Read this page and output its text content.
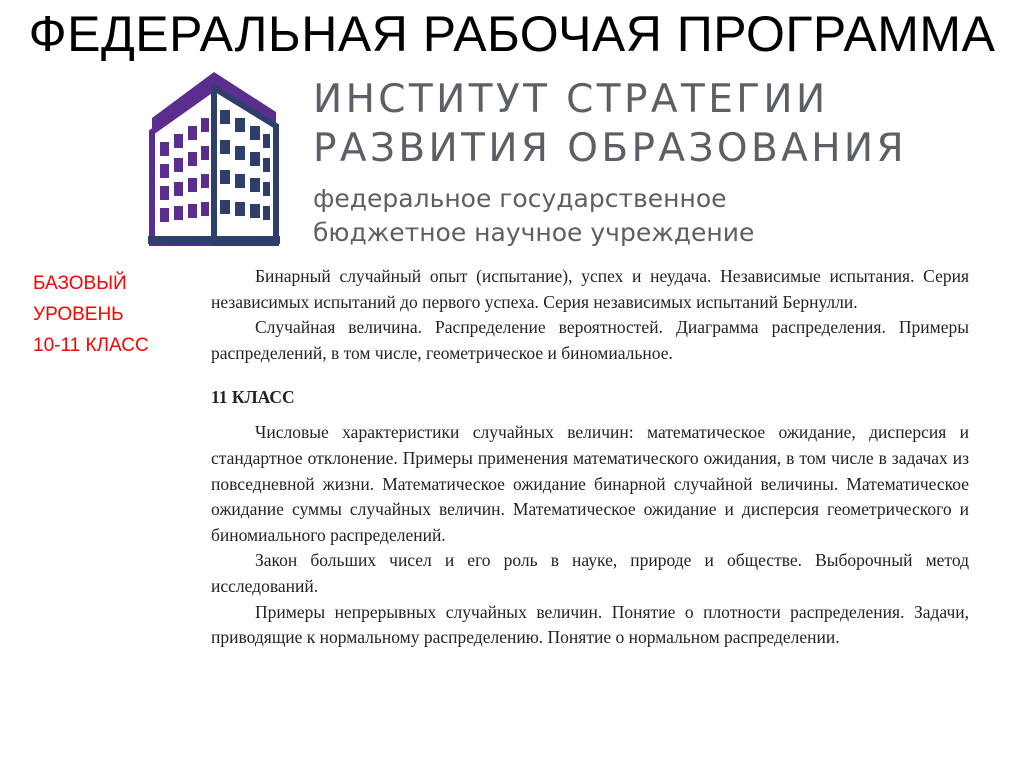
ФЕДЕРАЛЬНАЯ РАБОЧАЯ ПРОГРАММА
ИНСТИТУТ СТРАТЕГИИ
РАЗВИТИЯ ОБРАЗОВАНИЯ
федеральное государственное
бюджетное научное учреждение
БАЗОВЫЙ
УРОВЕНЬ
10-11 КЛАСС

Бинарный случайный опыт (испытание), успех и неудача. Независимые испытания. Серия независимых испытаний до первого успеха. Серия независимых испытаний Бернулли.

Случайная величина. Распределение вероятностей. Диаграмма распределения. Примеры распределений, в том числе, геометрическое и биномиальное.

11 КЛАСС

Числовые характеристики случайных величин: математическое ожидание, дисперсия и стандартное отклонение. Примеры применения математического ожидания, в том числе в задачах из повседневной жизни. Математическое ожидание бинарной случайной величины. Математическое ожидание суммы случайных величин. Математическое ожидание и дисперсия геометрического и биномиального распределений.

Закон больших чисел и его роль в науке, природе и обществе. Выборочный метод исследований.

Примеры непрерывных случайных величин. Понятие о плотности распределения. Задачи, приводящие к нормальному распределению. Понятие о нормальном распределении.
